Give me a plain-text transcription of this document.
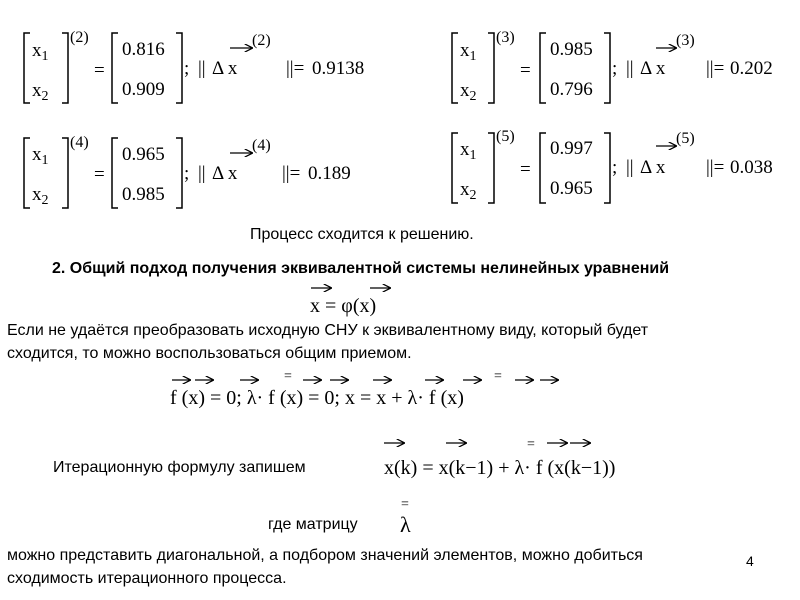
$x_1$
$x_2$
(2)
=
0.816
0.909
; || Δ x
(2)
||= 0.9138
$x_1$
$x_2$
(3)
=
0.985
0.796
; || Δ x
(3)
||= 0.202
$x_1$
$x_2$
(4)
=
0.965
0.985
; || Δ x
(4)
||= 0.189
$x_1$
$x_2$
(5)
=
0.997
0.965
; || Δ x
(5)
||= 0.038
x = φ(x)
=	=
f (x) = 0; λ· f (x) = 0; x = x + λ· f (x)
=
x(k) = x(k−1) + λ· f (x(k−1))
=
λ
Процесс сходится к решению.
2. Общий подход получения эквивалентной системы нелинейных уравнений
Если не удаётся преобразовать исходную СНУ к эквивалентному виду, который будет
сходится, то можно воспользоваться общим приемом.
Итерационную формулу запишем
где матрицу
можно представить диагональной, а подбором значений элементов, можно добиться
сходимость итерационного процесса.
4
